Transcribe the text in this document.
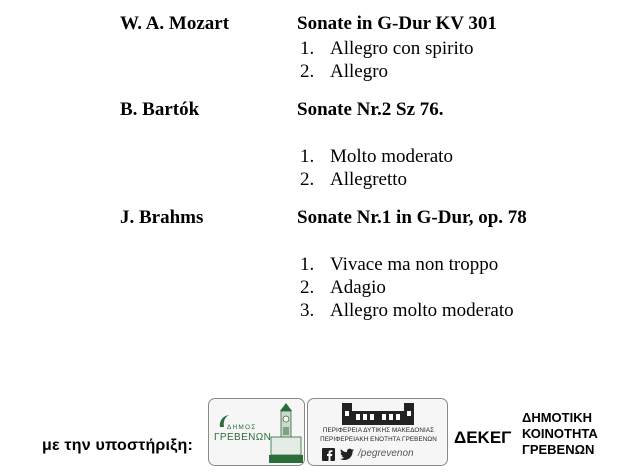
W. A. Mozart	Sonate in G-Dur KV 301
1. Allegro con spirito
2. Allegro
B. Bartók	Sonate Nr.2 Sz 76.
1. Molto moderato
2. Allegretto
J. Brahms	Sonate Nr.1 in G-Dur, op. 78
1. Vivace ma non troppo
2. Adagio
3. Allegro molto moderato
με την υποστήριξη:
ΔΗΜΟΣ
ΓΡΕΒΕΝΩΝ
ΠΕΡΙΦΕΡΕΙΑ ΔΥΤΙΚΗΣ ΜΑΚΕΔΟΝΙΑΣ
ΠΕΡΙΦΕΡΕΙΑΚΗ ΕΝΟΤΗΤΑ ΓΡΕΒΕΝΩΝ
/pegrevenon
ΔΕΚΕΓ
ΔΗΜΟΤΙΚΗ
ΚΟΙΝΟΤΗΤΑ
ΓΡΕΒΕΝΩΝ
